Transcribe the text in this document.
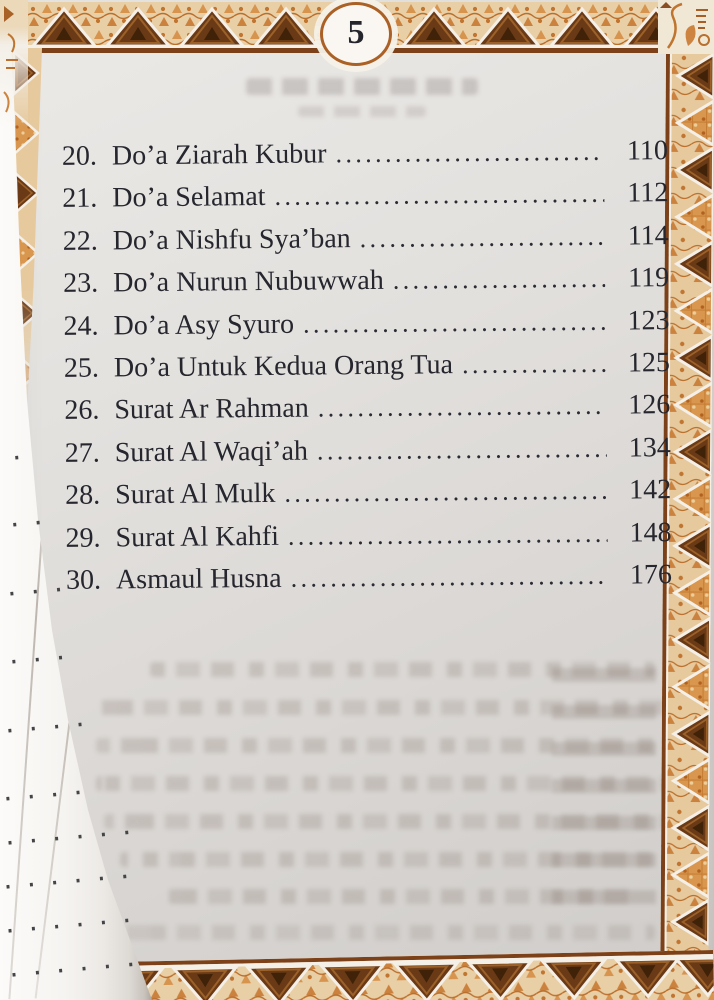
5
20. Do’a Ziarah Kubur .....	110
21. Do’a Selamat .....	112
22. Do’a Nishfu Sya’ban .....	114
23. Do’a Nurun Nubuwwah .....	119
24. Do’a Asy Syuro .....	123
25. Do’a Untuk Kedua Orang Tua .....	125
26. Surat Ar Rahman .....	126
27. Surat Al Waqi’ah .....	134
28. Surat Al Mulk .....	142
29. Surat Al Kahfi .....	148
30. Asmaul Husna .....	176
.
..
...
...
....
....
......
......
......
......
